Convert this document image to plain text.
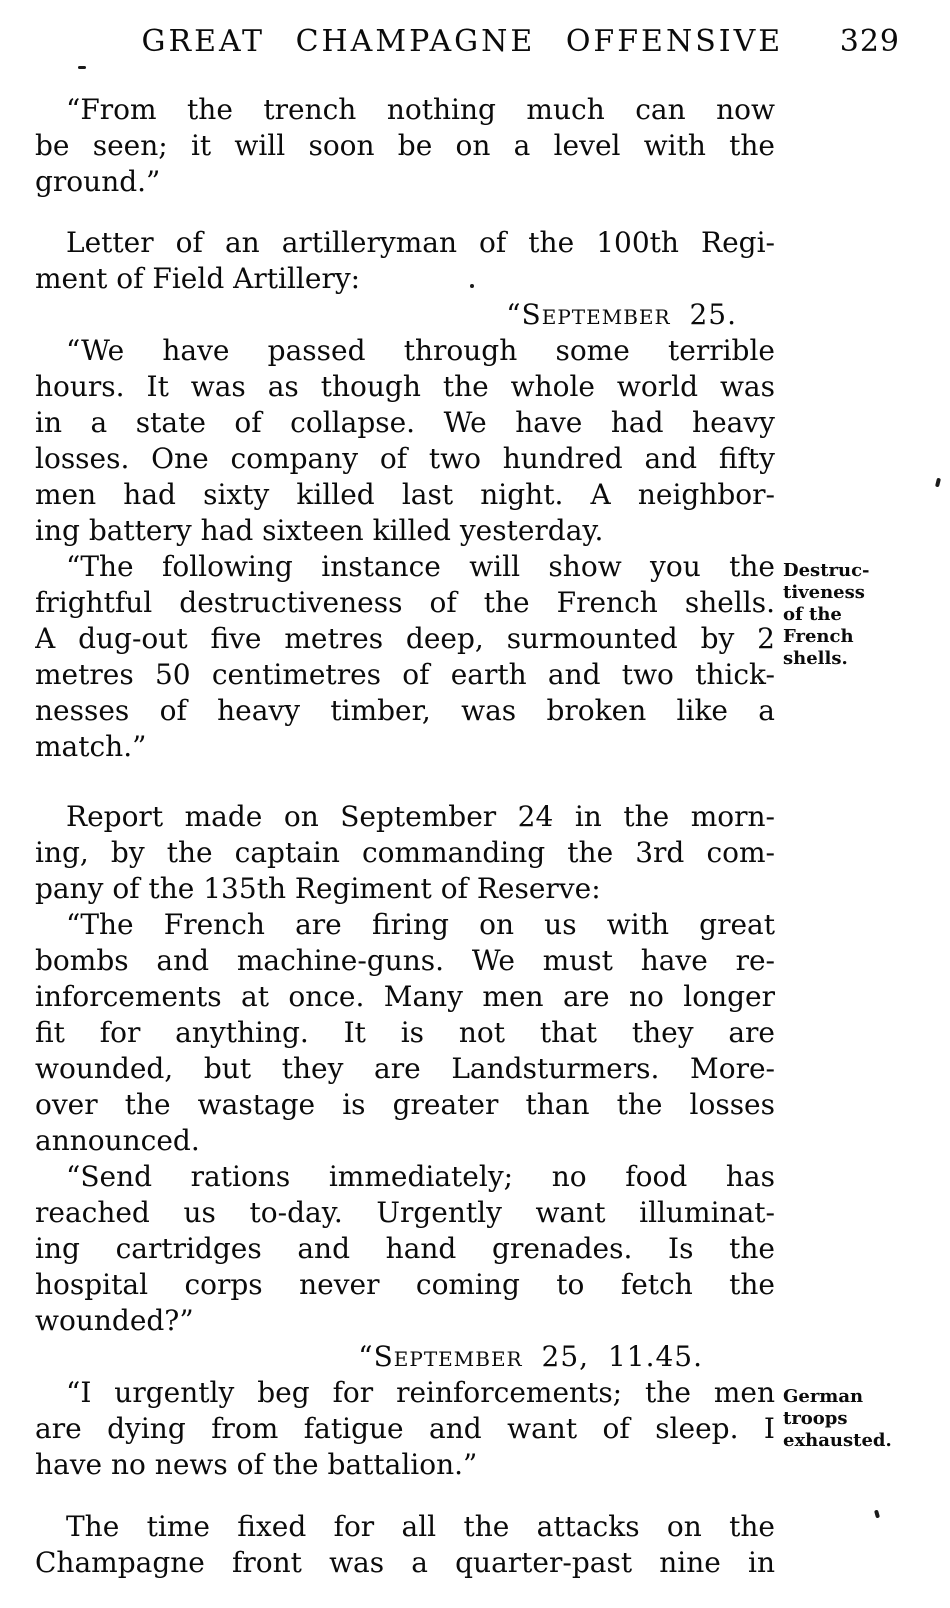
GREAT CHAMPAGNE OFFENSIVE	329
“From the trench nothing much can now
be seen; it will soon be on a level with the
ground.”
Letter of an artilleryman of the 100th Regi-
ment of Field Artillery:
“September 25.
“We have passed through some terrible
hours. It was as though the whole world was
in a state of collapse. We have had heavy
losses. One company of two hundred and fifty
men had sixty killed last night. A neighbor-
ing battery had sixteen killed yesterday.
“The following instance will show you the
frightful destructiveness of the French shells.
A dug-out five metres deep, surmounted by 2
metres 50 centimetres of earth and two thick-
nesses of heavy timber, was broken like a
match.”
Report made on September 24 in the morn-
ing, by the captain commanding the 3rd com-
pany of the 135th Regiment of Reserve:
“The French are firing on us with great
bombs and machine-guns. We must have re-
inforcements at once. Many men are no longer
fit for anything. It is not that they are
wounded, but they are Landsturmers. More-
over the wastage is greater than the losses
announced.
“Send rations immediately; no food has
reached us to-day. Urgently want illuminat-
ing cartridges and hand grenades. Is the
hospital corps never coming to fetch the
wounded?”
“September 25, 11.45.
“I urgently beg for reinforcements; the men
are dying from fatigue and want of sleep. I
have no news of the battalion.”
The time fixed for all the attacks on the
Champagne front was a quarter-past nine in
Destruc-
tiveness
of the
French
shells.
German
troops
exhausted.
